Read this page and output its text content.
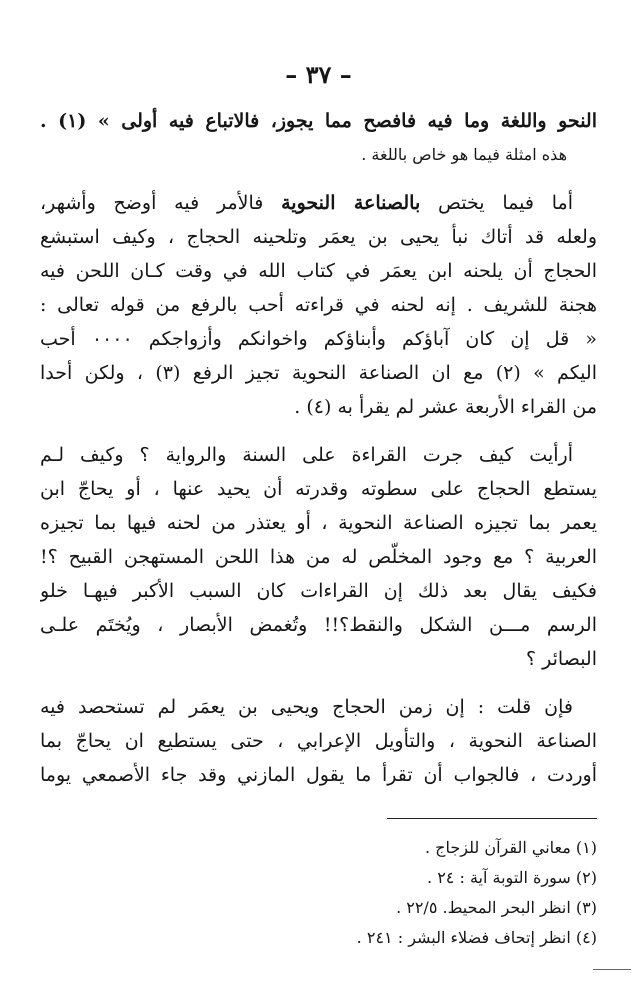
– ٣٧ –
النحو واللغة وما فيه فافصح مما يجوز، فالاتباع فيه أولى » (١) .
هذه امثلة فيما هو خاص باللغة .
أما فيما يختص بالصناعة النحوية فالأمر فيه أوضح وأشهر،
ولعله قد أتاك نبأ يحيى بن يعمَر وتلحينه الحجاج ، وكيف استبشع
الحجاج أن يلحنه ابن يعمَر في كتاب الله في وقت كـان اللحن فيه
هجنة للشريف . إنه لحنه في قراءته أحب بالرفع من قوله تعالى :
« قل إن كان آباؤكم وأبناؤكم واخوانكم وأزواجكم ٠٠٠٠ أحب
اليكم » (٢) مع ان الصناعة النحوية تجيز الرفع (٣) ، ولكن أحدا
من القراء الأربعة عشر لم يقرأ به (٤) .
أرأيت كيف جرت القراءة على السنة والرواية ؟ وكيف لـم
يستطع الحجاج على سطوته وقدرته أن يحيد عنها ، أو يحاجّ ابن
يعمر بما تجيزه الصناعة النحوية ، أو يعتذر من لحنه فيها بما تجيزه
العربية ؟ مع وجود المخلّص له من هذا اللحن المستهجن القبيح ؟!
فكيف يقال بعد ذلك إن القراءات كان السبب الأكبر فيهـا خلو
الرسم مـــن الشكل والنقط؟!! وتُغمض الأبصار ، ويُختَم علـى
البصائر ؟
فإن قلت : إن زمن الحجاج ويحيى بن يعمَر لم تستحصد فيه
الصناعة النحوية ، والتأويل الإعرابي ، حتى يستطيع ان يحاجّ بما
أوردت ، فالجواب أن تقرأ ما يقول المازني وقد جاء الأصمعي يوما
(١) معاني القرآن للزجاج .
(٢) سورة التوبة آية : ٢٤ .
(٣) انظر البحر المحيط. ٢٢/٥ .
(٤) انظر إتحاف فضلاء البشر : ٢٤١ .
